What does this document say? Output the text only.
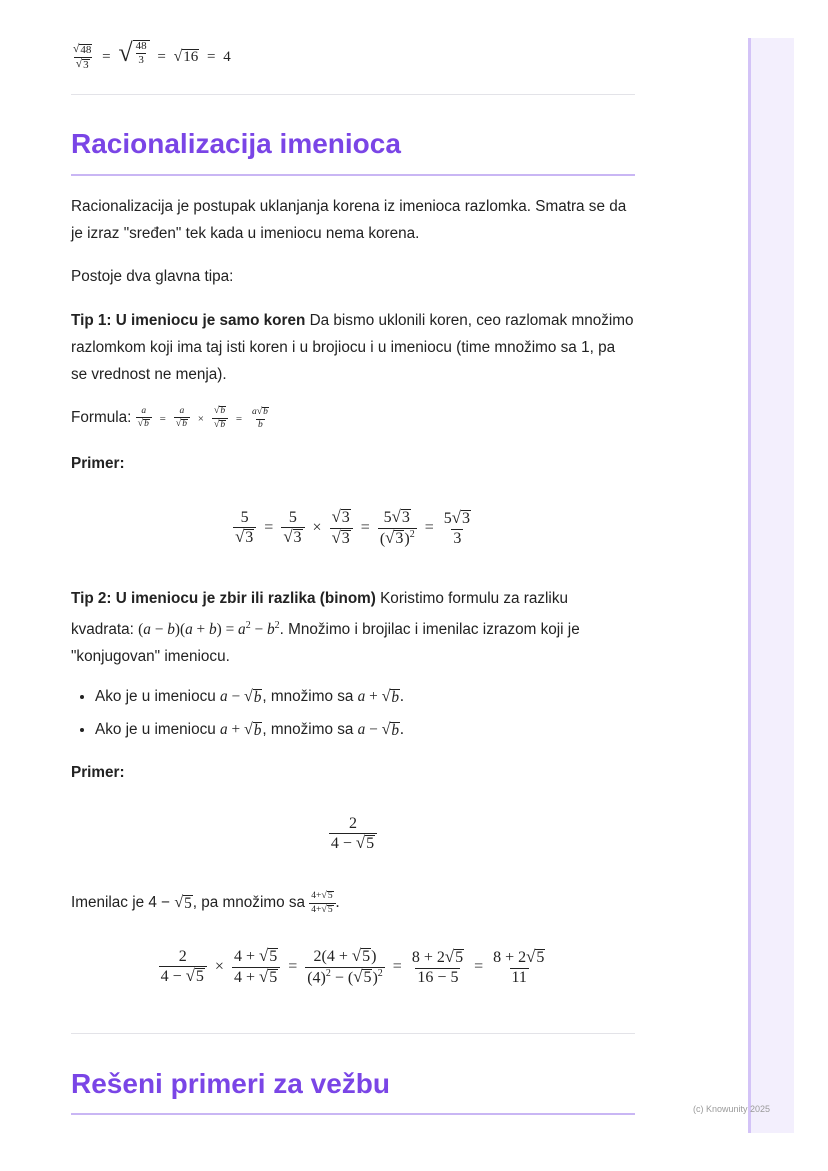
$\frac{√ 48}{√ 3}$ = √ $\frac{48}{3}$ = √ 16 = 4
Racionalizacija imenioca

Racionalizacija je postupak uklanjanja korena iz imenioca razlomka. Smatra se da je izraz "sređen" tek kada u imeniocu nema korena.

Postoje dva glavna tipa:

Tip 1: U imeniocu je samo koren Da bismo uklonili koren, ceo razlomak množimo razlomkom koji ima taj isti koren i u brojiocu i u imeniocu (time množimo sa 1, pa se vrednost ne menja).

Formula: $\frac{a}{√ b} = \frac{a}{√ b} \times \frac{√ b}{√ b} = \frac{a √ b}{b}$

Primer:

$\frac{5}{√ 3} = \frac{5}{√ 3} \times \frac{√ 3}{√ 3} = \frac{5 √ 3}{( √ 3 )^2} = \frac{5 √ 3}{3}$

Tip 2: U imeniocu je zbir ili razlika (binom) Koristimo formulu za razliku kvadrata: $(a - b)(a + b) = a^2 - b^2$. Množimo i brojilac i imenilac izrazom koji je "konjugovan" imeniocu.

• Ako je u imeniocu a − √ b , množimo sa a + √ b .
• Ako je u imeniocu a + √ b , množimo sa a − √ b .

Primer:

$\frac{2}{4 - √ 5}$

Imenilac je 4 − √ 5 , pa množimo sa $\frac{4+ √ 5}{4+ √ 5}$ .

$\frac{2}{4 - √ 5} \times \frac{4 + √ 5}{4 + √ 5} = \frac{2(4 + √ 5 )}{(4)^2 - ( √ 5 )^2} = \frac{8 + 2 √ 5}{16 - 5} = \frac{8 + 2 √ 5}{11}$
Rešeni primeri za vežbu
(c) Knowunity 2025
